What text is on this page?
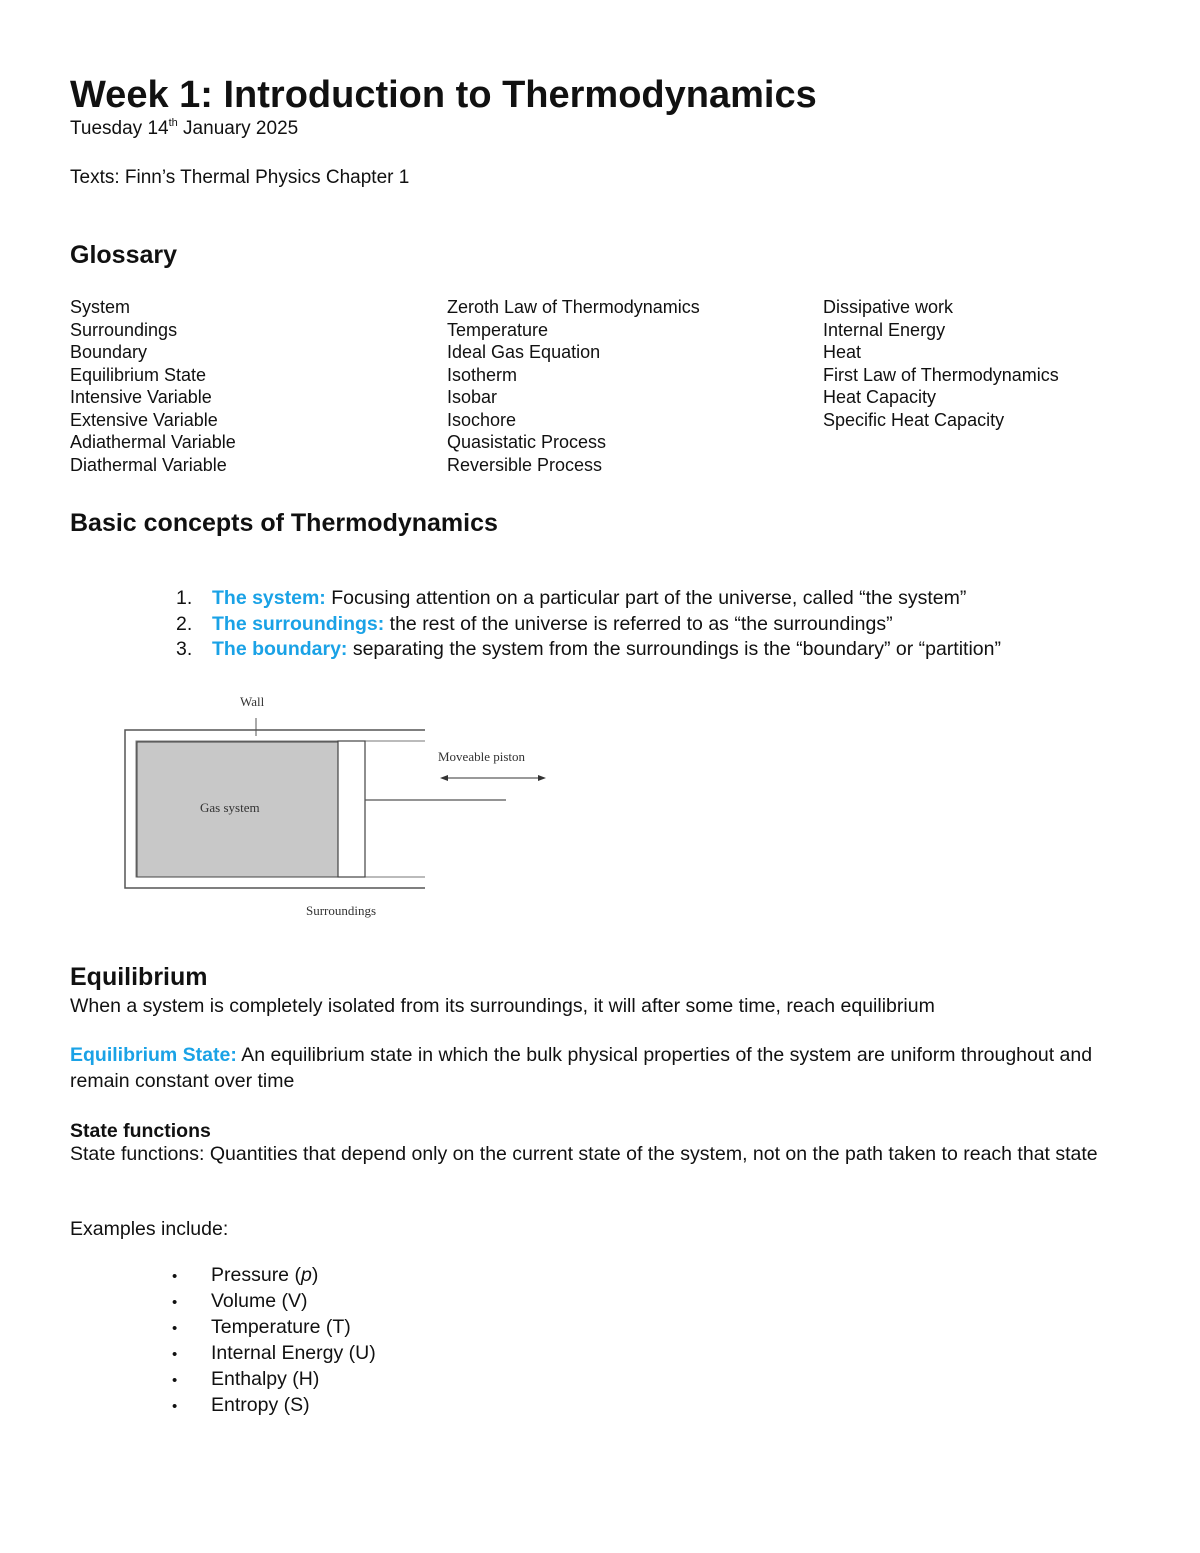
Week 1: Introduction to Thermodynamics
Tuesday 14th January 2025
Texts: Finn’s Thermal Physics Chapter 1
Glossary
System
Surroundings
Boundary
Equilibrium State
Intensive Variable
Extensive Variable
Adiathermal Variable
Diathermal Variable
Zeroth Law of Thermodynamics
Temperature
Ideal Gas Equation
Isotherm
Isobar
Isochore
Quasistatic Process
Reversible Process
Dissipative work
Internal Energy
Heat
First Law of Thermodynamics
Heat Capacity
Specific Heat Capacity
Basic concepts of Thermodynamics
1. The system: Focusing attention on a particular part of the universe, called “the system”
2. The surroundings: the rest of the universe is referred to as “the surroundings”
3. The boundary: separating the system from the surroundings is the “boundary” or “partition”
Wall
Moveable piston
Gas system
Surroundings
Equilibrium
When a system is completely isolated from its surroundings, it will after some time, reach equilibrium
Equilibrium State: An equilibrium state in which the bulk physical properties of the system are uniform throughout and remain constant over time
State functions
State functions: Quantities that depend only on the current state of the system, not on the path taken to reach that state
Examples include:
• Pressure (p)
• Volume (V)
• Temperature (T)
• Internal Energy (U)
• Enthalpy (H)
• Entropy (S)
